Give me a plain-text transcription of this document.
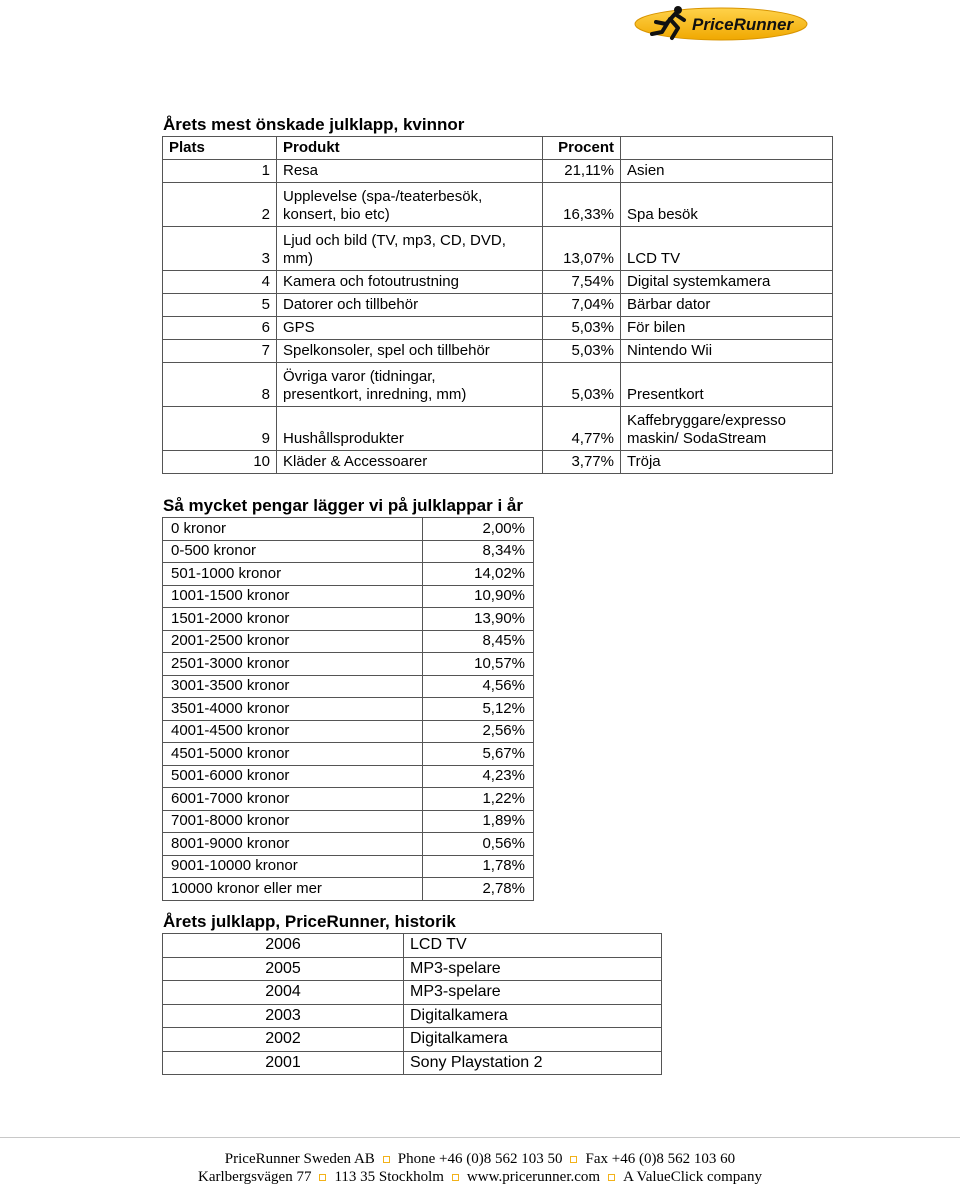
PriceRunner
Årets mest önskade julklapp, kvinnor
Plats	Produkt	Procent	
1	Resa	21,11%	Asien
2	Upplevelse (spa-/teaterbesök,
konsert, bio etc)	16,33%	Spa besök
3	Ljud och bild (TV, mp3, CD, DVD,
mm)	13,07%	LCD TV
4	Kamera och fotoutrustning	7,54%	Digital systemkamera
5	Datorer och tillbehör	7,04%	Bärbar dator
6	GPS	5,03%	För bilen
7	Spelkonsoler, spel och tillbehör	5,03%	Nintendo Wii
8	Övriga varor (tidningar,
presentkort, inredning, mm)	5,03%	Presentkort
9	Hushållsprodukter	4,77%	Kaffebryggare/expresso
maskin/ SodaStream
10	Kläder & Accessoarer	3,77%	Tröja
Så mycket pengar lägger vi på julklappar i år
0 kronor	2,00%
0-500 kronor	8,34%
501-1000 kronor	14,02%
1001-1500 kronor	10,90%
1501-2000 kronor	13,90%
2001-2500 kronor	8,45%
2501-3000 kronor	10,57%
3001-3500 kronor	4,56%
3501-4000 kronor	5,12%
4001-4500 kronor	2,56%
4501-5000 kronor	5,67%
5001-6000 kronor	4,23%
6001-7000 kronor	1,22%
7001-8000 kronor	1,89%
8001-9000 kronor	0,56%
9001-10000 kronor	1,78%
10000 kronor eller mer	2,78%
Årets julklapp, PriceRunner, historik
2006	LCD TV
2005	MP3-spelare
2004	MP3-spelare
2003	Digitalkamera
2002	Digitalkamera
2001	Sony Playstation 2
PriceRunner Sweden AB Phone +46 (0)8 562 103 50 Fax +46 (0)8 562 103 60
Karlbergsvägen 77 113 35 Stockholm www.pricerunner.com A ValueClick company
